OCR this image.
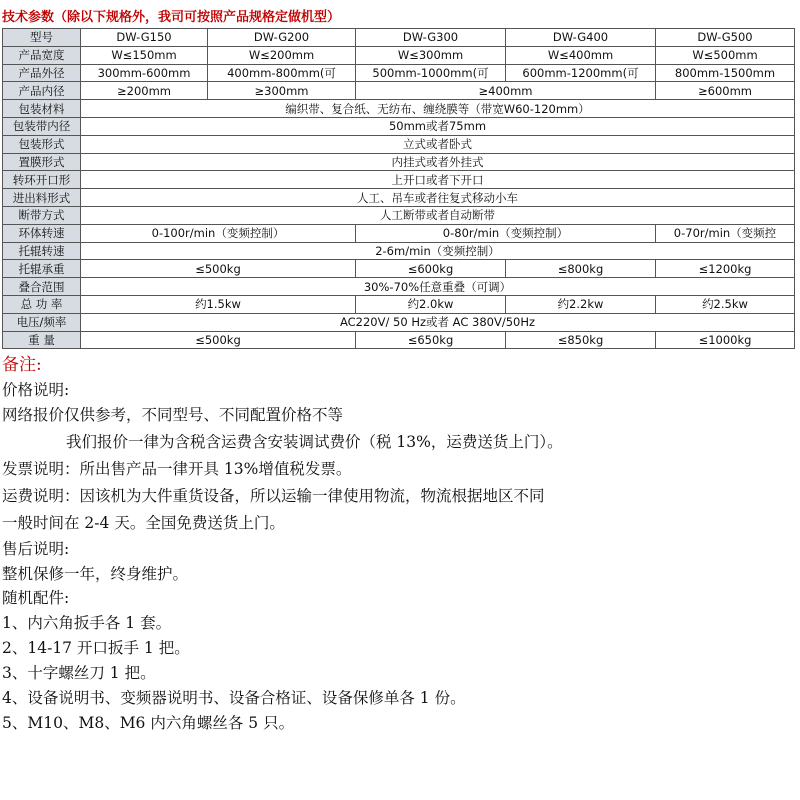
技术参数（除以下规格外，我司可按照产品规格定做机型）
型号	DW-G150	DW-G200	DW-G300	DW-G400	DW-G500
产品宽度	W≤150mm	W≤200mm	W≤300mm	W≤400mm	W≤500mm
产品外径	300mm-600mm	400mm-800mm(可	500mm-1000mm(可	600mm-1200mm(可	800mm-1500mm
产品内径	≥200mm	≥300mm	≥400mm		≥600mm
包装材料	编织带、复合纸、无纺布、缠绕膜等（带宽W60-120mm）				
包装带内径	50mm或者75mm				
包装形式	立式或者卧式				
置膜形式	内挂式或者外挂式				
转环开口形	上开口或者下开口				
进出料形式	人工、吊车或者往复式移动小车				
断带方式	人工断带或者自动断带				
环体转速	0-100r/min（变频控制）		0-80r/min（变频控制）		0-70r/min（变频控
托辊转速	2-6m/min（变频控制）				
托辊承重	≤500kg		≤600kg	≤800kg	≤1200kg
叠合范围	30%-70%任意重叠（可调）				
总 功 率	约1.5kw		约2.0kw	约2.2kw	约2.5kw
电压/频率	AC220V/ 50 Hz或者 AC 380V/50Hz				
重 量	≤500kg		≤650kg	≤850kg	≤1000kg
备注:
价格说明:
网络报价仅供参考，不同型号、不同配置价格不等
我们报价一律为含税含运费含安装调试费价（税 13%，运费送货上门）。
发票说明：所出售产品一律开具 13%增值税发票。
运费说明：因该机为大件重货设备，所以运输一律使用物流，物流根据地区不同
一般时间在 2-4 天。全国免费送货上门。
售后说明:
整机保修一年，终身维护。
随机配件:
1、内六角扳手各 1 套。
2、14-17 开口扳手 1 把。
3、十字螺丝刀 1 把。
4、设备说明书、变频器说明书、设备合格证、设备保修单各 1 份。
5、M10、M8、M6 内六角螺丝各 5 只。
